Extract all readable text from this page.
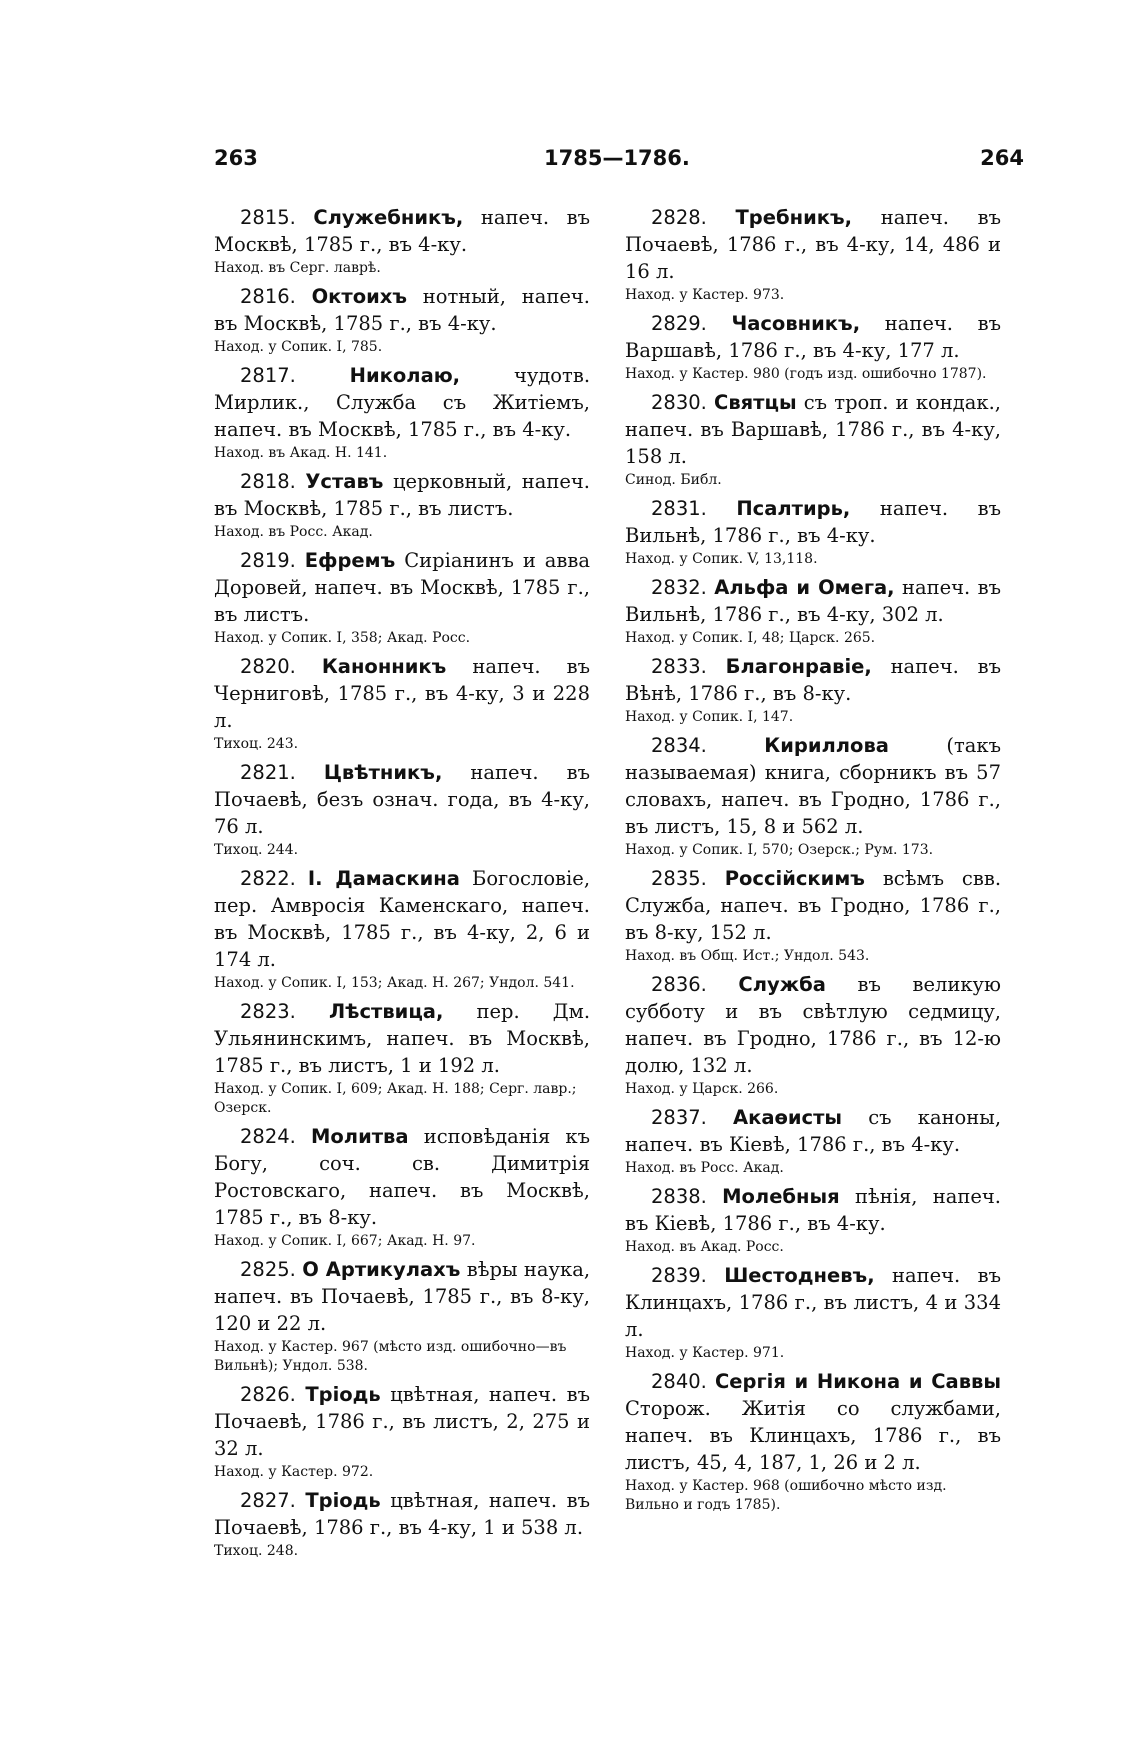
263	1785—1786.	264
2815. Служебникъ, напеч. въ Москвѣ, 1785 г., въ 4-ку.
Наход. въ Серг. лаврѣ.
2816. Октоихъ нотный, напеч. въ Москвѣ, 1785 г., въ 4-ку.
Наход. у Сопик. I, 785.
2817.	Николаю,	чудотв. Мирлик., Служба съ Житіемъ, напеч. въ Москвѣ, 1785 г., въ 4-ку.
Наход. въ Акад. Н. 141.
2818. Уставъ церковный, напеч. въ Москвѣ, 1785 г., въ листъ.
Наход. въ Росс. Акад.
2819. Ефремъ Сиріанинъ и авва Доровей, напеч. въ Москвѣ, 1785 г., въ листъ.
Наход. у Сопик. I, 358; Акад. Росс.
2820. Канонникъ напеч. въ Черниговѣ, 1785 г., въ 4-ку, 3 и 228 л.
Тихоц. 243.
2821. Цвѣтникъ, напеч. въ Почаевѣ, безъ означ. года, въ 4-ку, 76 л.
Тихоц. 244.
2822. I. Дамаскина Богословіе, пер. Амвросія Каменскаго, напеч. въ Москвѣ, 1785 г., въ 4-ку, 2, 6 и 174 л.
Наход. у Сопик. I, 153; Акад. Н. 267; Ундол. 541.
2823. Лѣствица, пер. Дм. Ульянинскимъ, напеч. въ Москвѣ, 1785 г., въ листъ, 1 и 192 л.
Наход. у Сопик. I, 609; Акад. Н. 188; Серг. лавр.; Озерск.
2824. Молитва исповѣданія къ Богу, соч. св. Димитрія Ростовскаго, напеч. въ Москвѣ, 1785 г., въ 8-ку.
Наход. у Сопик. I, 667; Акад. Н. 97.
2825. О Артикулахъ вѣры наука, напеч. въ Почаевѣ, 1785 г., въ 8-ку, 120 и 22 л.
Наход. у Кастер. 967 (мѣсто изд. ошибочно—въ Вильнѣ); Ундол. 538.
2826. Тріодь цвѣтная, напеч. въ Почаевѣ, 1786 г., въ листъ, 2, 275 и 32 л.
Наход. у Кастер. 972.
2827. Тріодь цвѣтная, напеч. въ Почаевѣ, 1786 г., въ 4-ку, 1 и 538 л.
Тихоц. 248.
2828. Требникъ, напеч. въ Почаевѣ, 1786 г., въ 4-ку, 14, 486 и 16 л.
Наход. у Кастер. 973.
2829. Часовникъ, напеч. въ Варшавѣ, 1786 г., въ 4-ку, 177 л.
Наход. у Кастер. 980 (годъ изд. ошибочно 1787).
2830. Святцы съ троп. и кондак., напеч. въ Варшавѣ, 1786 г., въ 4-ку, 158 л.
Синод. Библ.
2831. Псалтирь, напеч. въ Вильнѣ, 1786 г., въ 4-ку.
Наход. у Сопик. V, 13,118.
2832. Альфа и Омега, напеч. въ Вильнѣ, 1786 г., въ 4-ку, 302 л.
Наход. у Сопик. I, 48; Царск. 265.
2833. Благонравіе, напеч. въ Вѣнѣ, 1786 г., въ 8-ку.
Наход. у Сопик. I, 147.
2834.	Кириллова	(такъ называемая) книга, сборникъ въ 57 словахъ, напеч. въ Гродно, 1786 г., въ листъ, 15, 8 и 562 л.
Наход. у Сопик. I, 570; Озерск.; Рум. 173.
2835. Россійскимъ всѣмъ свв. Служба, напеч. въ Гродно, 1786 г., въ 8-ку, 152 л.
Наход. въ Общ. Ист.; Ундол. 543.
2836. Служба въ великую субботу и въ свѣтлую седмицу, напеч. въ Гродно, 1786 г., въ 12-ю долю, 132 л.
Наход. у Царск. 266.
2837. Акаѳисты съ каноны, напеч. въ Кіевѣ, 1786 г., въ 4-ку.
Наход. въ Росс. Акад.
2838. Молебныя пѣнія, напеч. въ Кіевѣ, 1786 г., въ 4-ку.
Наход. въ Акад. Росс.
2839. Шестодневъ, напеч. въ Клинцахъ, 1786 г., въ листъ, 4 и 334 л.
Наход. у Кастер. 971.
2840. Сергія и Никона и Саввы Сторож. Житія со службами, напеч. въ Клинцахъ, 1786 г., въ листъ, 45, 4, 187, 1, 26 и 2 л.
Наход. у Кастер. 968 (ошибочно мѣсто изд. Вильно и годъ 1785).
